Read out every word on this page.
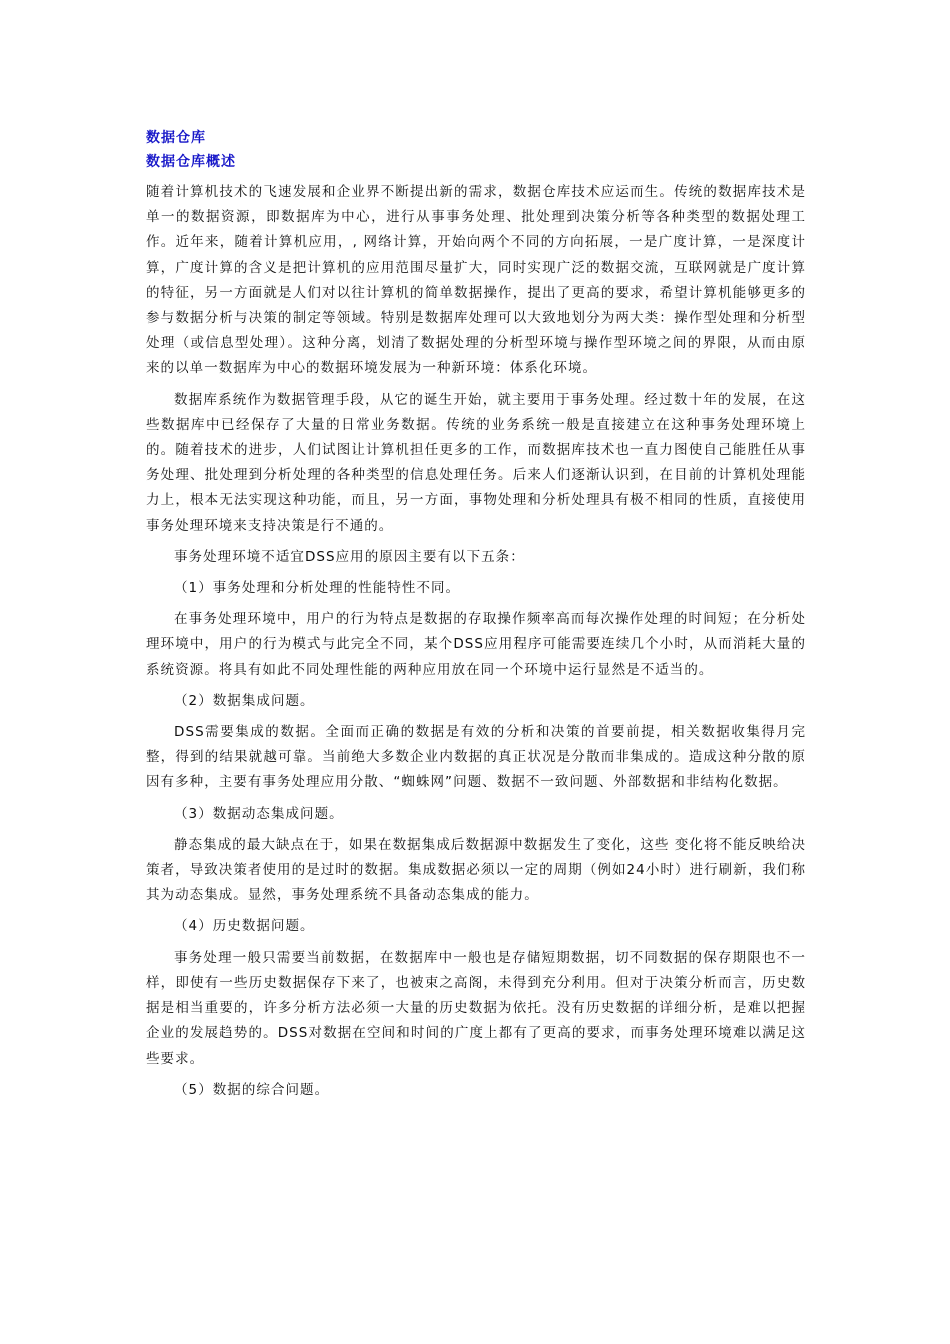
数据仓库
数据仓库概述

随着计算机技术的飞速发展和企业界不断提出新的需求，数据仓库技术应运而生。传统的数据库技术是单一的数据资源，即数据库为中心，进行从事事务处理、批处理到决策分析等各种类型的数据处理工作。近年来，随着计算机应用，, 网络计算，开始向两个不同的方向拓展，一是广度计算，一是深度计算，广度计算的含义是把计算机的应用范围尽量扩大，同时实现广泛的数据交流，互联网就是广度计算的特征，另一方面就是人们对以往计算机的简单数据操作，提出了更高的要求，希望计算机能够更多的参与数据分析与决策的制定等领域。特别是数据库处理可以大致地划分为两大类：操作型处理和分析型处理（或信息型处理）。这种分离，划清了数据处理的分析型环境与操作型环境之间的界限，从而由原来的以单一数据库为中心的数据环境发展为一种新环境：体系化环境。

数据库系统作为数据管理手段，从它的诞生开始，就主要用于事务处理。经过数十年的发展，在这些数据库中已经保存了大量的日常业务数据。传统的业务系统一般是直接建立在这种事务处理环境上的。随着技术的进步，人们试图让计算机担任更多的工作，而数据库技术也一直力图使自己能胜任从事务处理、批处理到分析处理的各种类型的信息处理任务。后来人们逐渐认识到，在目前的计算机处理能力上，根本无法实现这种功能，而且，另一方面，事物处理和分析处理具有极不相同的性质，直接使用事务处理环境来支持决策是行不通的。

事务处理环境不适宜DSS应用的原因主要有以下五条：

（1）事务处理和分析处理的性能特性不同。

在事务处理环境中，用户的行为特点是数据的存取操作频率高而每次操作处理的时间短；在分析处理环境中，用户的行为模式与此完全不同，某个DSS应用程序可能需要连续几个小时，从而消耗大量的系统资源。将具有如此不同处理性能的两种应用放在同一个环境中运行显然是不适当的。

（2）数据集成问题。

DSS需要集成的数据。全面而正确的数据是有效的分析和决策的首要前提，相关数据收集得月完整，得到的结果就越可靠。当前绝大多数企业内数据的真正状况是分散而非集成的。造成这种分散的原因有多种，主要有事务处理应用分散、“蜘蛛网”问题、数据不一致问题、外部数据和非结构化数据。

（3）数据动态集成问题。

静态集成的最大缺点在于，如果在数据集成后数据源中数据发生了变化，这些 变化将不能反映给决策者，导致决策者使用的是过时的数据。集成数据必须以一定的周期（例如24小时）进行刷新，我们称其为动态集成。显然，事务处理系统不具备动态集成的能力。

（4）历史数据问题。

事务处理一般只需要当前数据，在数据库中一般也是存储短期数据，切不同数据的保存期限也不一样，即使有一些历史数据保存下来了，也被束之高阁，未得到充分利用。但对于决策分析而言，历史数据是相当重要的，许多分析方法必须一大量的历史数据为依托。没有历史数据的详细分析，是难以把握企业的发展趋势的。DSS对数据在空间和时间的广度上都有了更高的要求，而事务处理环境难以满足这些要求。

（5）数据的综合问题。
